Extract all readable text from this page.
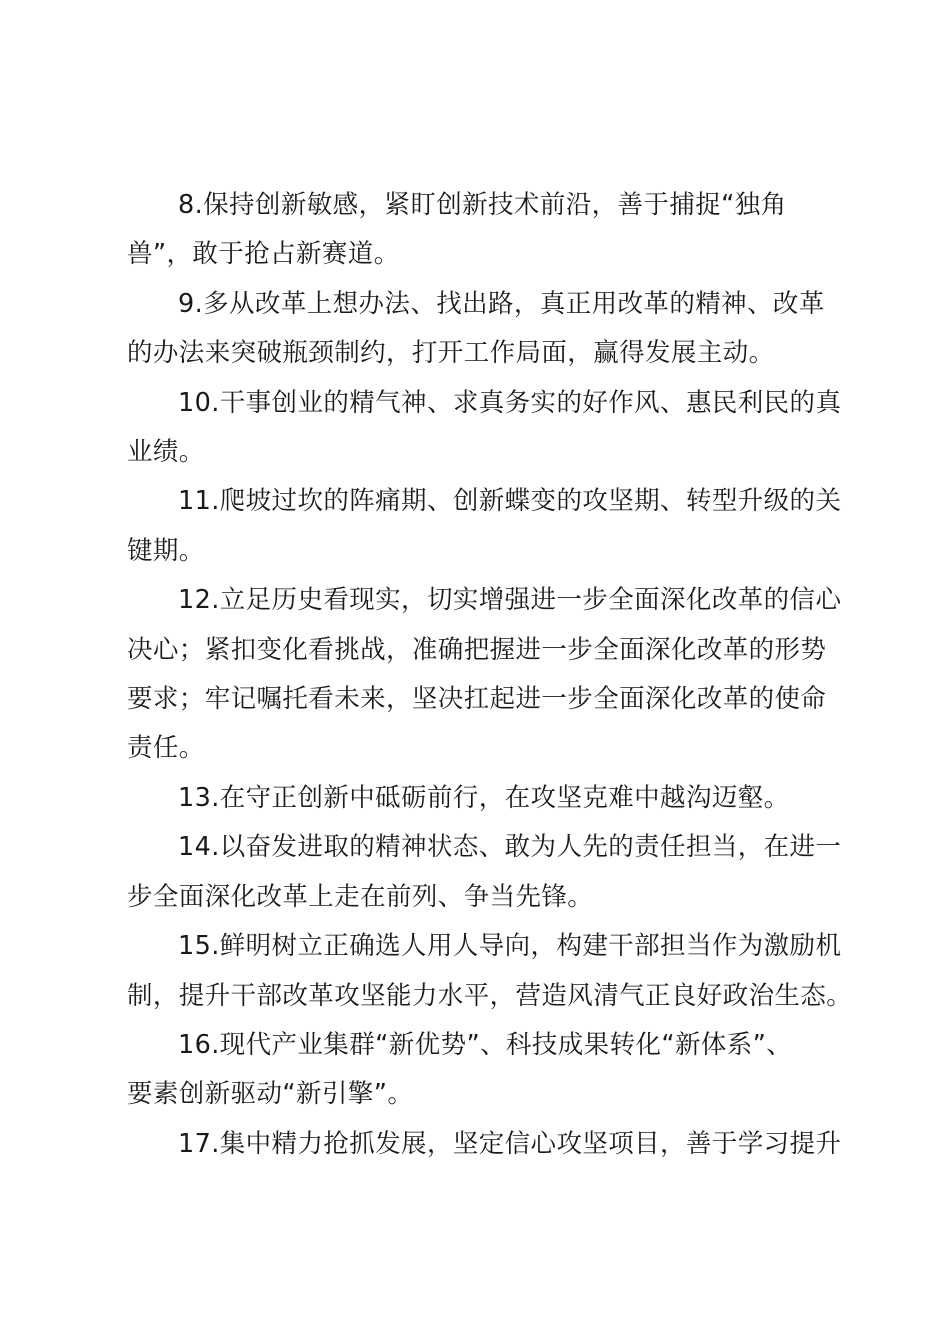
8.保持创新敏感，紧盯创新技术前沿，善于捕捉“独角
兽”，敢于抢占新赛道。

9.多从改革上想办法、找出路，真正用改革的精神、改革
的办法来突破瓶颈制约，打开工作局面，赢得发展主动。

10.干事创业的精气神、求真务实的好作风、惠民利民的真
业绩。

11.爬坡过坎的阵痛期、创新蝶变的攻坚期、转型升级的关
键期。

12.立足历史看现实，切实增强进一步全面深化改革的信心
决心；紧扣变化看挑战，准确把握进一步全面深化改革的形势
要求；牢记嘱托看未来，坚决扛起进一步全面深化改革的使命
责任。

13.在守正创新中砥砺前行，在攻坚克难中越沟迈壑。

14.以奋发进取的精神状态、敢为人先的责任担当，在进一
步全面深化改革上走在前列、争当先锋。

15.鲜明树立正确选人用人导向，构建干部担当作为激励机
制，提升干部改革攻坚能力水平，营造风清气正良好政治生态。

16.现代产业集群“新优势”、科技成果转化“新体系”、
要素创新驱动“新引擎”。

17.集中精力抢抓发展，坚定信心攻坚项目，善于学习提升
